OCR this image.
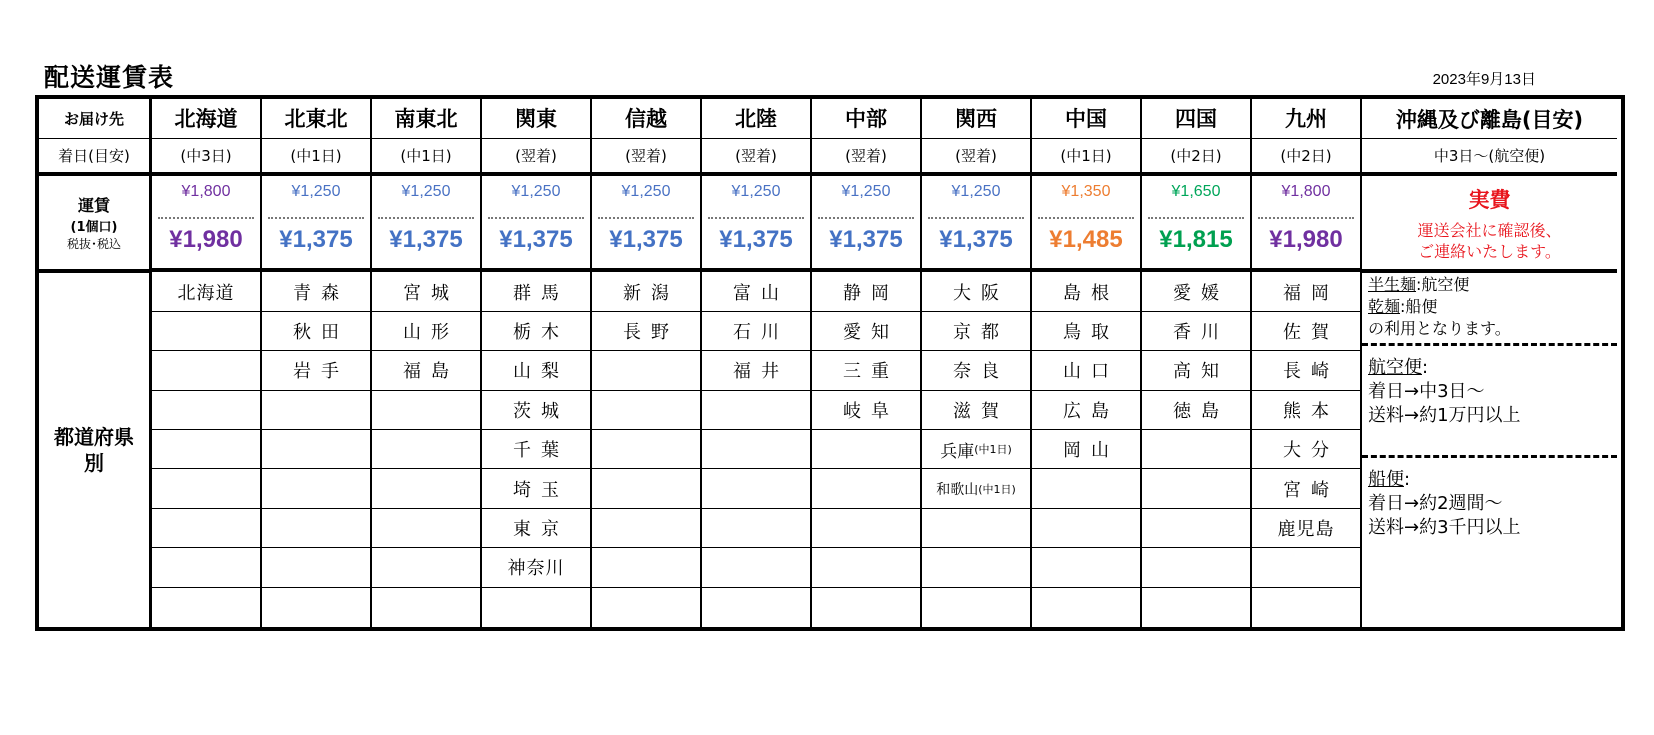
配送運賃表	2023年9月13日
お届け先
着日(目安)
運賃
(1個口)
税抜･税込
都道府県
別
北海道
(中3日)
¥1,800
¥1,980
北海道
北東北
(中1日)
¥1,250
¥1,375
青森
秋田
岩手
南東北
(中1日)
¥1,250
¥1,375
宮城
山形
福島
関東
(翌着)
¥1,250
¥1,375
群馬
栃木
山梨
茨城
千葉
埼玉
東京
神奈川
信越
(翌着)
¥1,250
¥1,375
新潟
長野
北陸
(翌着)
¥1,250
¥1,375
富山
石川
福井
中部
(翌着)
¥1,250
¥1,375
静岡
愛知
三重
岐阜
関西
(翌着)
¥1,250
¥1,375
大阪
京都
奈良
滋賀
兵庫 (中1日)
和歌山 (中1日)
中国
(中1日)
¥1,350
¥1,485
島根
鳥取
山口
広島
岡山
四国
(中2日)
¥1,650
¥1,815
愛媛
香川
高知
徳島
九州
(中2日)
¥1,800
¥1,980
福岡
佐賀
長崎
熊本
大分
宮崎
鹿児島
沖縄及び離島(目安)
中3日～(航空便)
実費
運送会社に確認後、
ご連絡いたします。
半生麺:航空便
乾麺:船便
の利用となります。
航空便:
着日→中3日～
送料→約1万円以上
船便:
着日→約2週間～
送料→約3千円以上
